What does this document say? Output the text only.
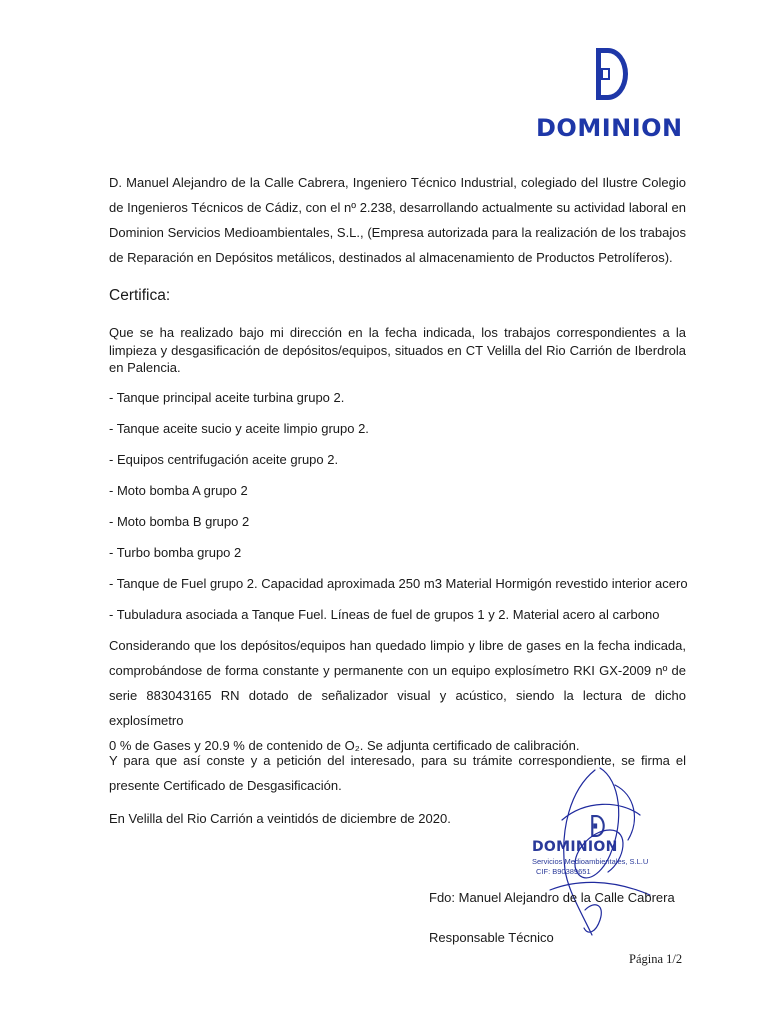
DOMINION
D. Manuel Alejandro de la Calle Cabrera, Ingeniero Técnico Industrial, colegiado del Ilustre Colegio
de Ingenieros Técnicos de Cádiz, con el nº 2.238, desarrollando actualmente su actividad laboral en
Dominion Servicios Medioambientales, S.L., (Empresa autorizada para la realización de los trabajos
de Reparación en Depósitos metálicos, destinados al almacenamiento de Productos Petrolíferos).
Certifica:
Que se ha realizado bajo mi dirección en la fecha indicada, los trabajos correspondientes a la limpieza y desgasificación de depósitos/equipos, situados en CT Velilla del Rio Carrión de Iberdrola en Palencia.
- Tanque principal aceite turbina grupo 2.
- Tanque aceite sucio y aceite limpio grupo 2.
- Equipos centrifugación aceite grupo 2.
- Moto bomba A grupo 2
- Moto bomba B grupo 2
- Turbo bomba grupo 2
- Tanque de Fuel grupo 2. Capacidad aproximada 250 m3 Material Hormigón revestido interior acero
- Tubuladura asociada a Tanque Fuel. Líneas de fuel de grupos 1 y 2. Material acero al carbono
Considerando que los depósitos/equipos han quedado limpio y libre de gases en la fecha indicada,
comprobándose de forma constante y permanente con un equipo explosímetro RKI GX-2009 nº de
serie 883043165 RN dotado de señalizador visual y acústico, siendo la lectura de dicho explosímetro
0 % de Gases y 20.9 % de contenido de O₂. Se adjunta certificado de calibración.
Y para que así conste y a petición del interesado, para su trámite correspondiente, se firma el
presente Certificado de Desgasificación.
En Velilla del Rio Carrión a veintidós de diciembre de 2020.
DOMINION
Servicios Medioambientales, S.L.U
CIF: B90389651
Fdo: Manuel Alejandro de la Calle Cabrera
Responsable Técnico
Página 1/2
